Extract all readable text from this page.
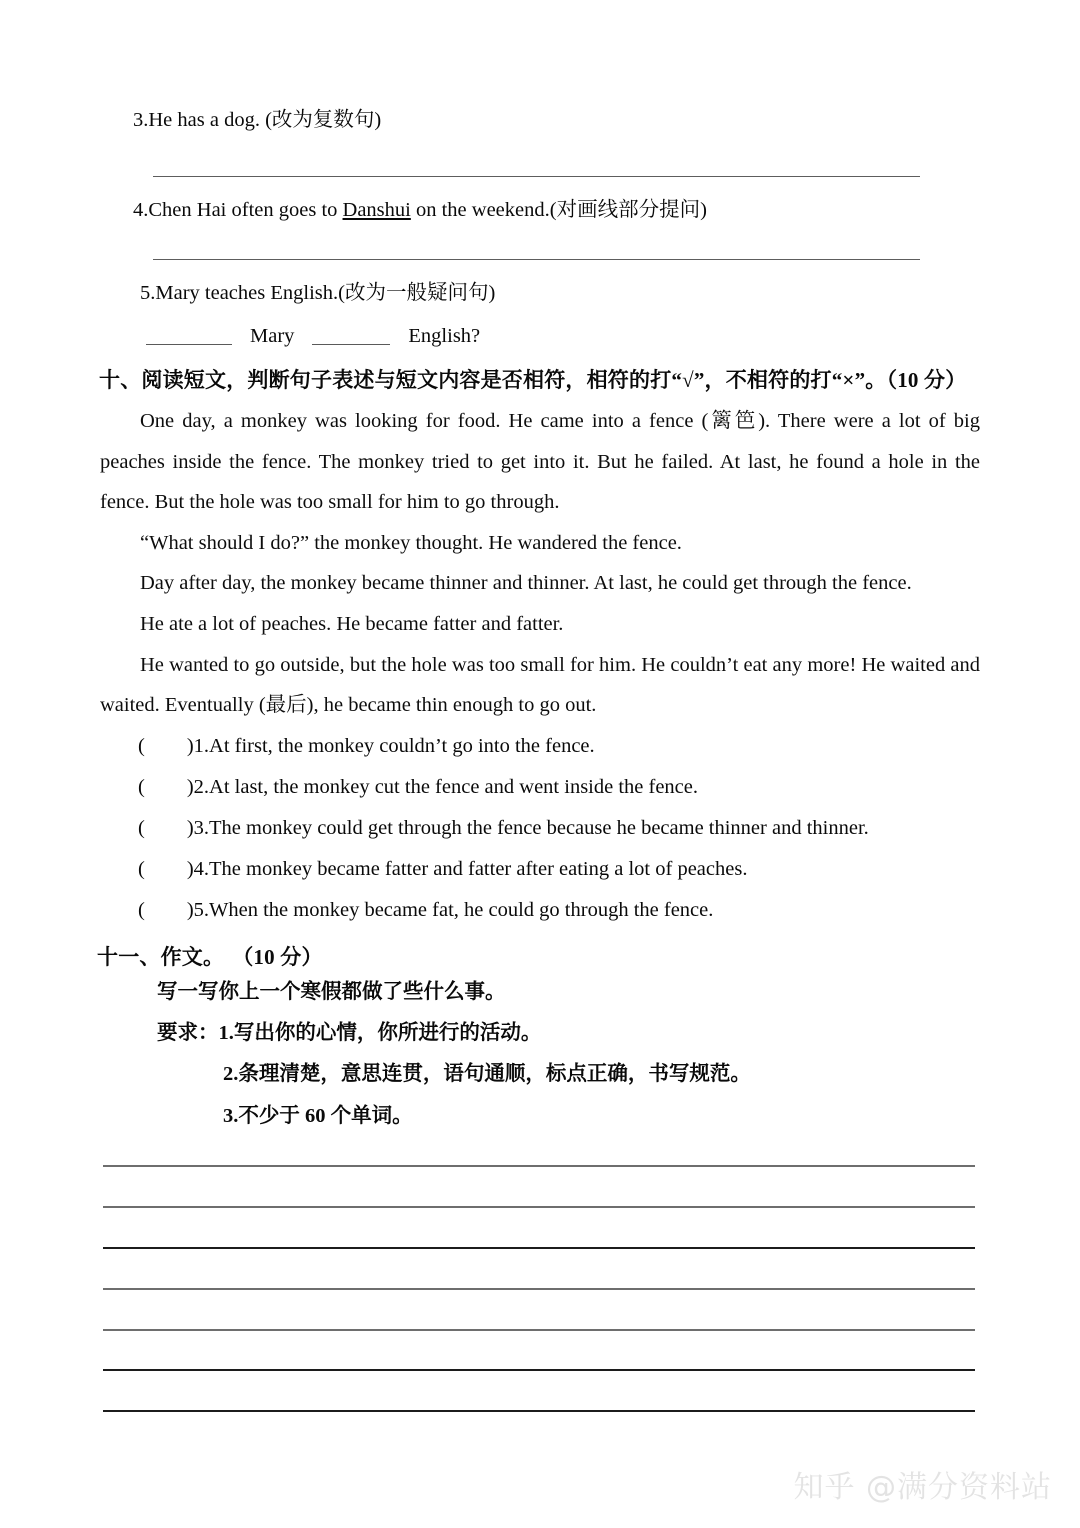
3.He has a dog. (改为复数句)
4.Chen Hai often goes to Danshui on the weekend.(对画线部分提问)
5.Mary teaches English.(改为一般疑问句)
Mary	English?
十、阅读短文，判断句子表述与短文内容是否相符，相符的打“√”，不相符的打“×”。（10 分）

One day, a monkey was looking for food. He came into a fence (篱笆). There were a lot of big peaches inside the fence. The monkey tried to get into it. But he failed. At last, he found a hole in the fence. But the hole was too small for him to go through.

“What should I do?” the monkey thought. He wandered the fence.

Day after day, the monkey became thinner and thinner. At last, he could get through the fence.

He ate a lot of peaches. He became fatter and fatter.

He wanted to go outside, but the hole was too small for him. He couldn’t eat any more! He waited and waited. Eventually (最后), he became thin enough to go out.

( )1.At first, the monkey couldn’t go into the fence.
( )2.At last, the monkey cut the fence and went inside the fence.
( )3.The monkey could get through the fence because he became thinner and thinner.
( )4.The monkey became fatter and fatter after eating a lot of peaches.
( )5.When the monkey became fat, he could go through the fence.
十一、作文。 （10 分）
写一写你上一个寒假都做了些什么事。
要求：1.写出你的心情，你所进行的活动。
2.条理清楚，意思连贯，语句通顺，标点正确，书写规范。
3.不少于 60 个单词。
知乎 @满分资料站
